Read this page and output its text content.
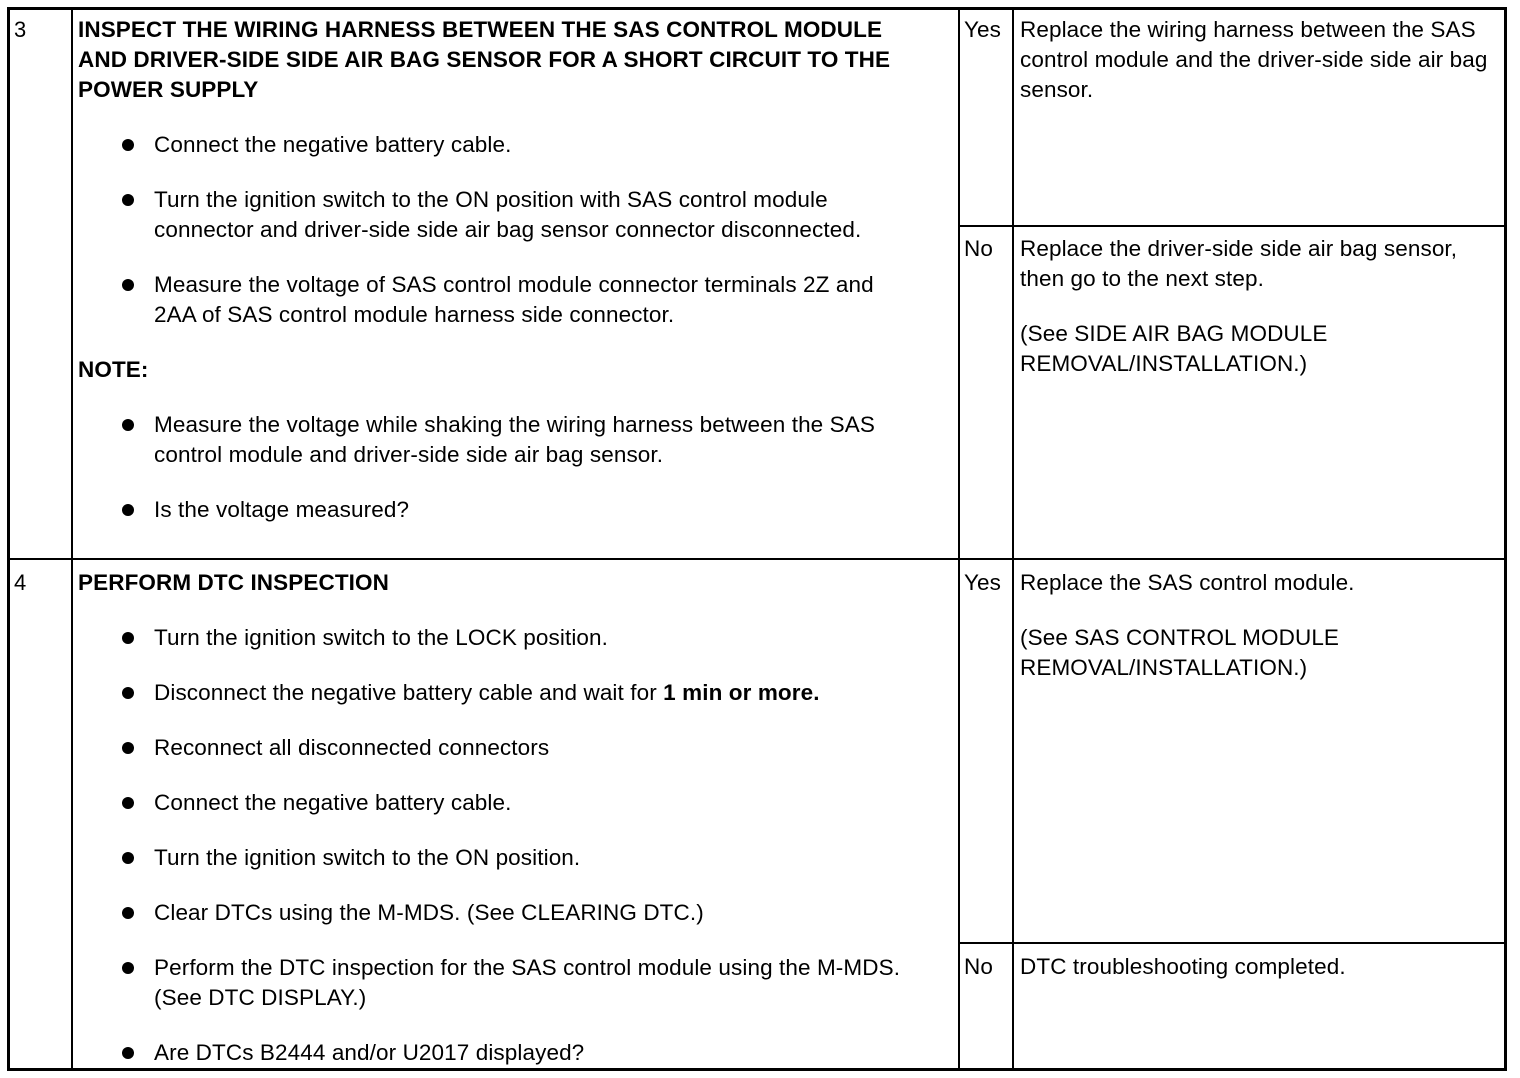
3 INSPECT THE WIRING HARNESS BETWEEN THE SAS CONTROL MODULE AND DRIVER-SIDE SIDE AIR BAG SENSOR FOR A SHORT CIRCUIT TO THE POWER SUPPLY

Connect the negative battery cable.
Turn the ignition switch to the ON position with SAS control module connector and driver-side side air bag sensor connector disconnected.
Measure the voltage of SAS control module connector terminals 2Z and 2AA of SAS control module harness side connector.
NOTE:
Measure the voltage while shaking the wiring harness between the SAS control module and driver-side side air bag sensor.
Is the voltage measured?
Yes Replace the wiring harness between the SAS control module and the driver-side side air bag sensor.

No Replace the driver-side side air bag sensor, then go to the next step.

(See SIDE AIR BAG MODULE REMOVAL/INSTALLATION.)

4 PERFORM DTC INSPECTION

Turn the ignition switch to the LOCK position.
Disconnect the negative battery cable and wait for 1 min or more.
Reconnect all disconnected connectors
Connect the negative battery cable.
Turn the ignition switch to the ON position.
Clear DTCs using the M-MDS. (See CLEARING DTC.)
Perform the DTC inspection for the SAS control module using the M-MDS. (See DTC DISPLAY.)
Are DTCs B2444 and/or U2017 displayed?
Yes Replace the SAS control module.

(See SAS CONTROL MODULE REMOVAL/INSTALLATION.)

No DTC troubleshooting completed.
